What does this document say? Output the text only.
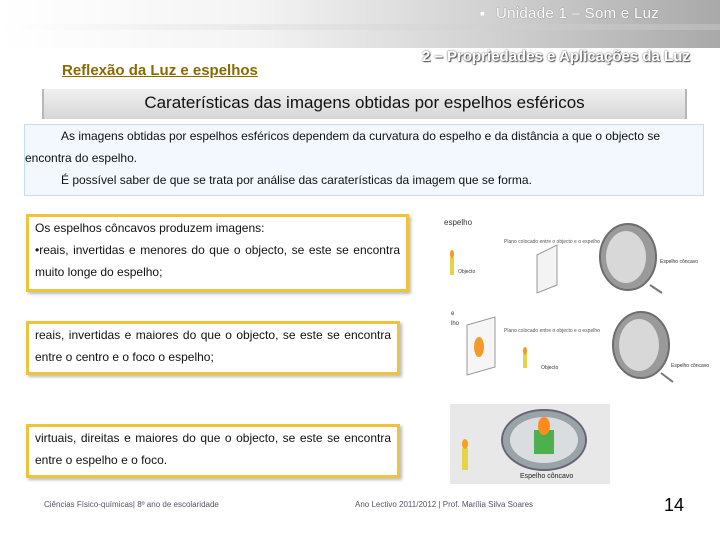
▪ Unidade 1 – Som e Luz
Reflexão da Luz e espelhos
2 – Propriedades e Aplicações da Luz
Caraterísticas das imagens obtidas por espelhos esféricos

As imagens obtidas por espelhos esféricos dependem da curvatura do espelho e da distância a que o objecto se encontra do espelho.

É possível saber de que se trata por análise das caraterísticas da imagem que se forma.

Os espelhos côncavos produzem imagens:
•reais, invertidas e menores do que o objecto, se este se encontra muito longe do espelho;
reais, invertidas e maiores do que o objecto, se este se encontra entre o centro e o foco o espelho;
virtuais, direitas e maiores do que o objecto, se este se encontra entre o espelho e o foco.
espelho
Plano colocado entre o objecto e o espelho
Objecto
Espelho côncavo
e
lho
Plano colocado entre o objecto e o espelho
Objecto	Espelho côncavo
Espelho côncavo
Ciências Físico-químicas| 8º ano de escolaridade	Ano Lectivo 2011/2012 | Prof. Marília Silva Soares	14
